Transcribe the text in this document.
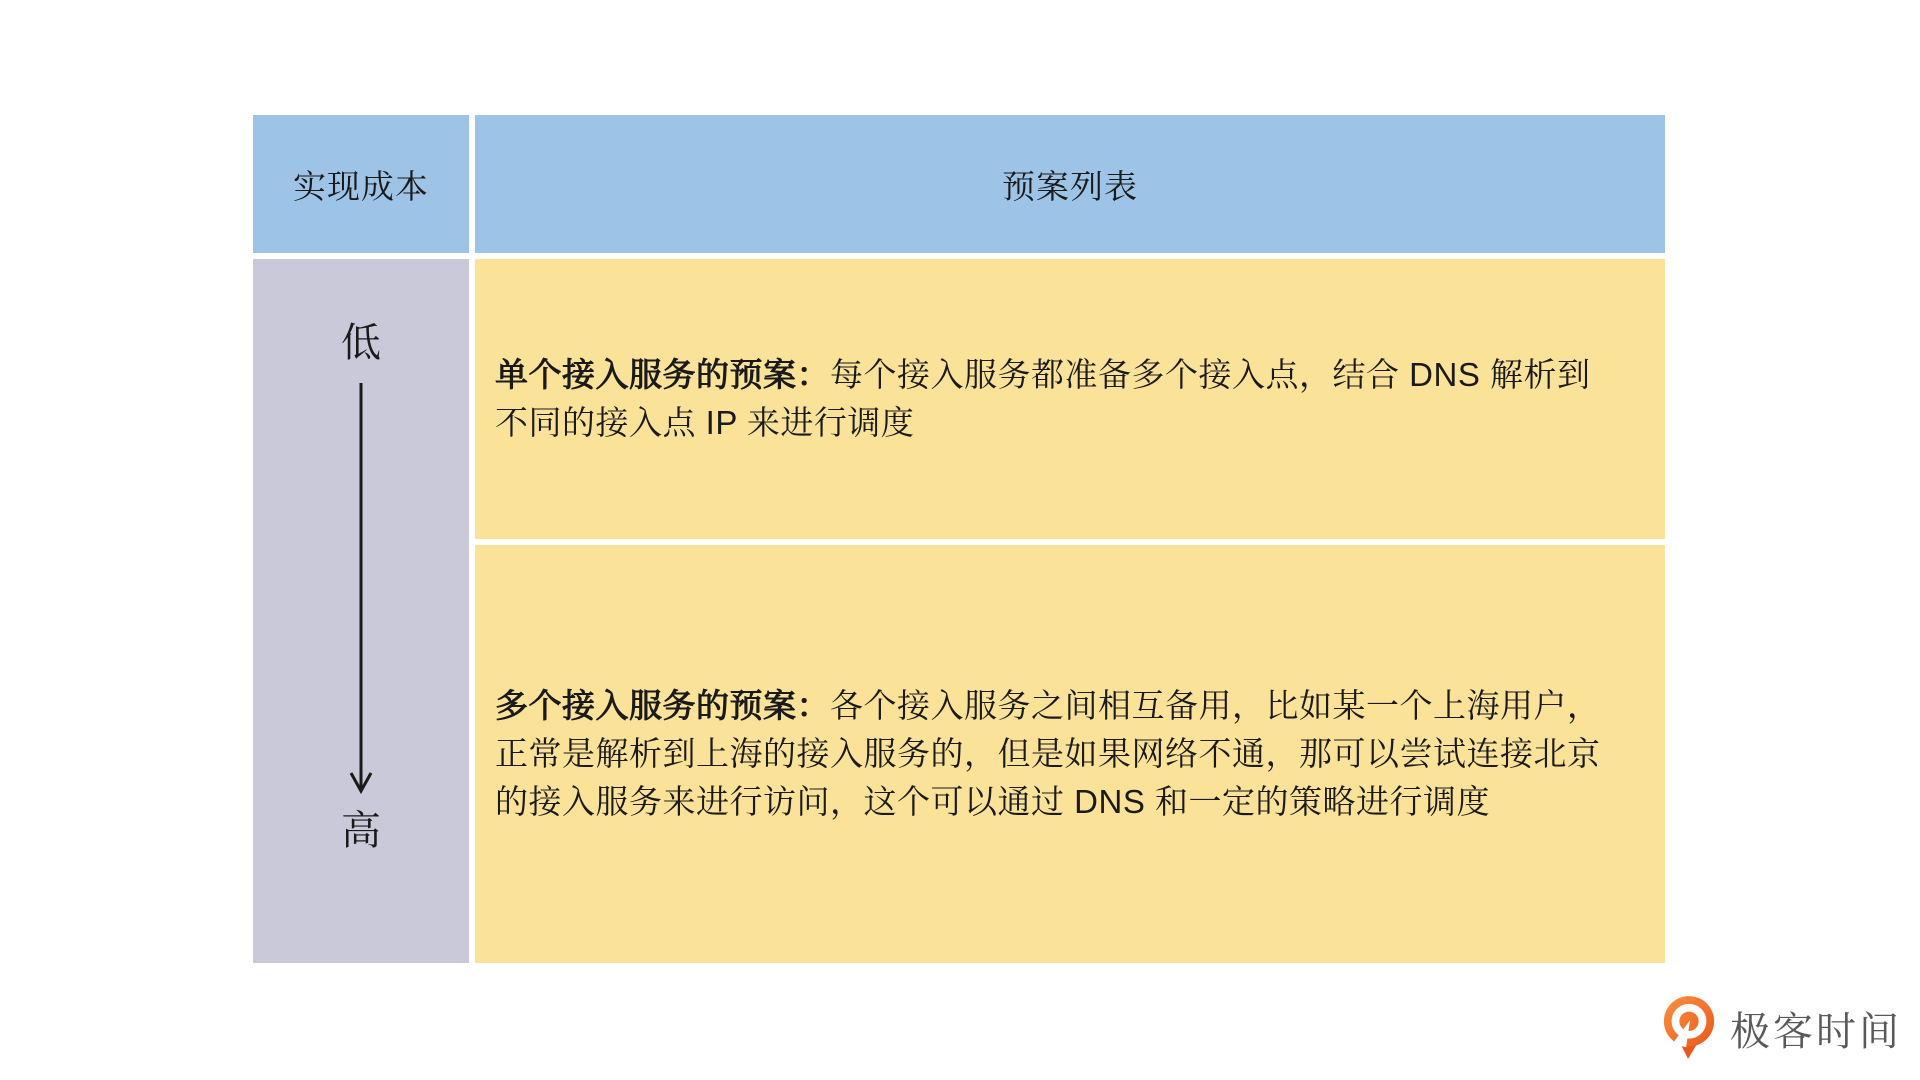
实现成本	预案列表
低
高
单个接入服务的预案：每个接入服务都准备多个接入点，结合 DNS 解析到不同的接入点 IP 来进行调度
多个接入服务的预案：各个接入服务之间相互备用，比如某一个上海用户，正常是解析到上海的接入服务的，但是如果网络不通，那可以尝试连接北京的接入服务来进行访问，这个可以通过 DNS 和一定的策略进行调度
极客时间
